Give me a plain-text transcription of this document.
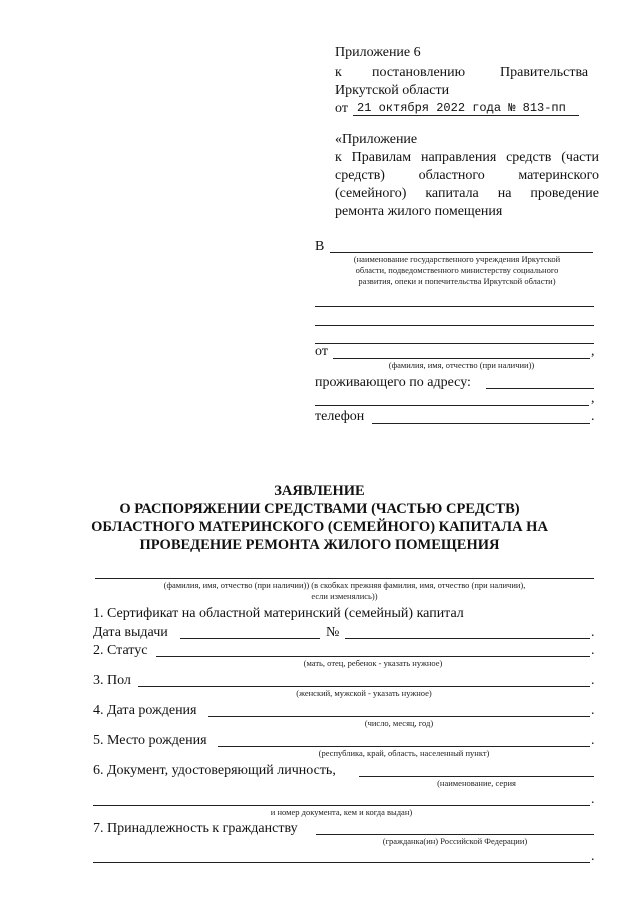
Приложение 6
к постановлению Правительства
Иркутской области
от 21 октября 2022 года № 813-пп
«Приложение
к Правилам направления средств (части
средств) областного материнского
(семейного) капитала на проведение
ремонта жилого помещения
В
(наименование государственного учреждения Иркутской
области, подведомственного министерству социального
развития, опеки и попечительства Иркутской области)
от	,
(фамилия, имя, отчество (при наличии))
проживающего по адресу:
,
телефон	.
ЗАЯВЛЕНИЕ
О РАСПОРЯЖЕНИИ СРЕДСТВАМИ (ЧАСТЬЮ СРЕДСТВ)
ОБЛАСТНОГО МАТЕРИНСКОГО (СЕМЕЙНОГО) КАПИТАЛА НА
ПРОВЕДЕНИЕ РЕМОНТА ЖИЛОГО ПОМЕЩЕНИЯ
(фамилия, имя, отчество (при наличии)) (в скобках прежняя фамилия, имя, отчество (при наличии),
если изменялись))
1. Сертификат на областной материнский (семейный) капитал
Дата выдачи	№	.
2. Статус	.
(мать, отец, ребенок - указать нужное)
3. Пол	.
(женский, мужской - указать нужное)
4. Дата рождения	.
(число, месяц, год)
5. Место рождения	.
(республика, край, область, населенный пункт)
6. Документ, удостоверяющий личность,
(наименование, серия
.
и номер документа, кем и когда выдан)
7. Принадлежность к гражданству
(гражданка(ин) Российской Федерации)
.
